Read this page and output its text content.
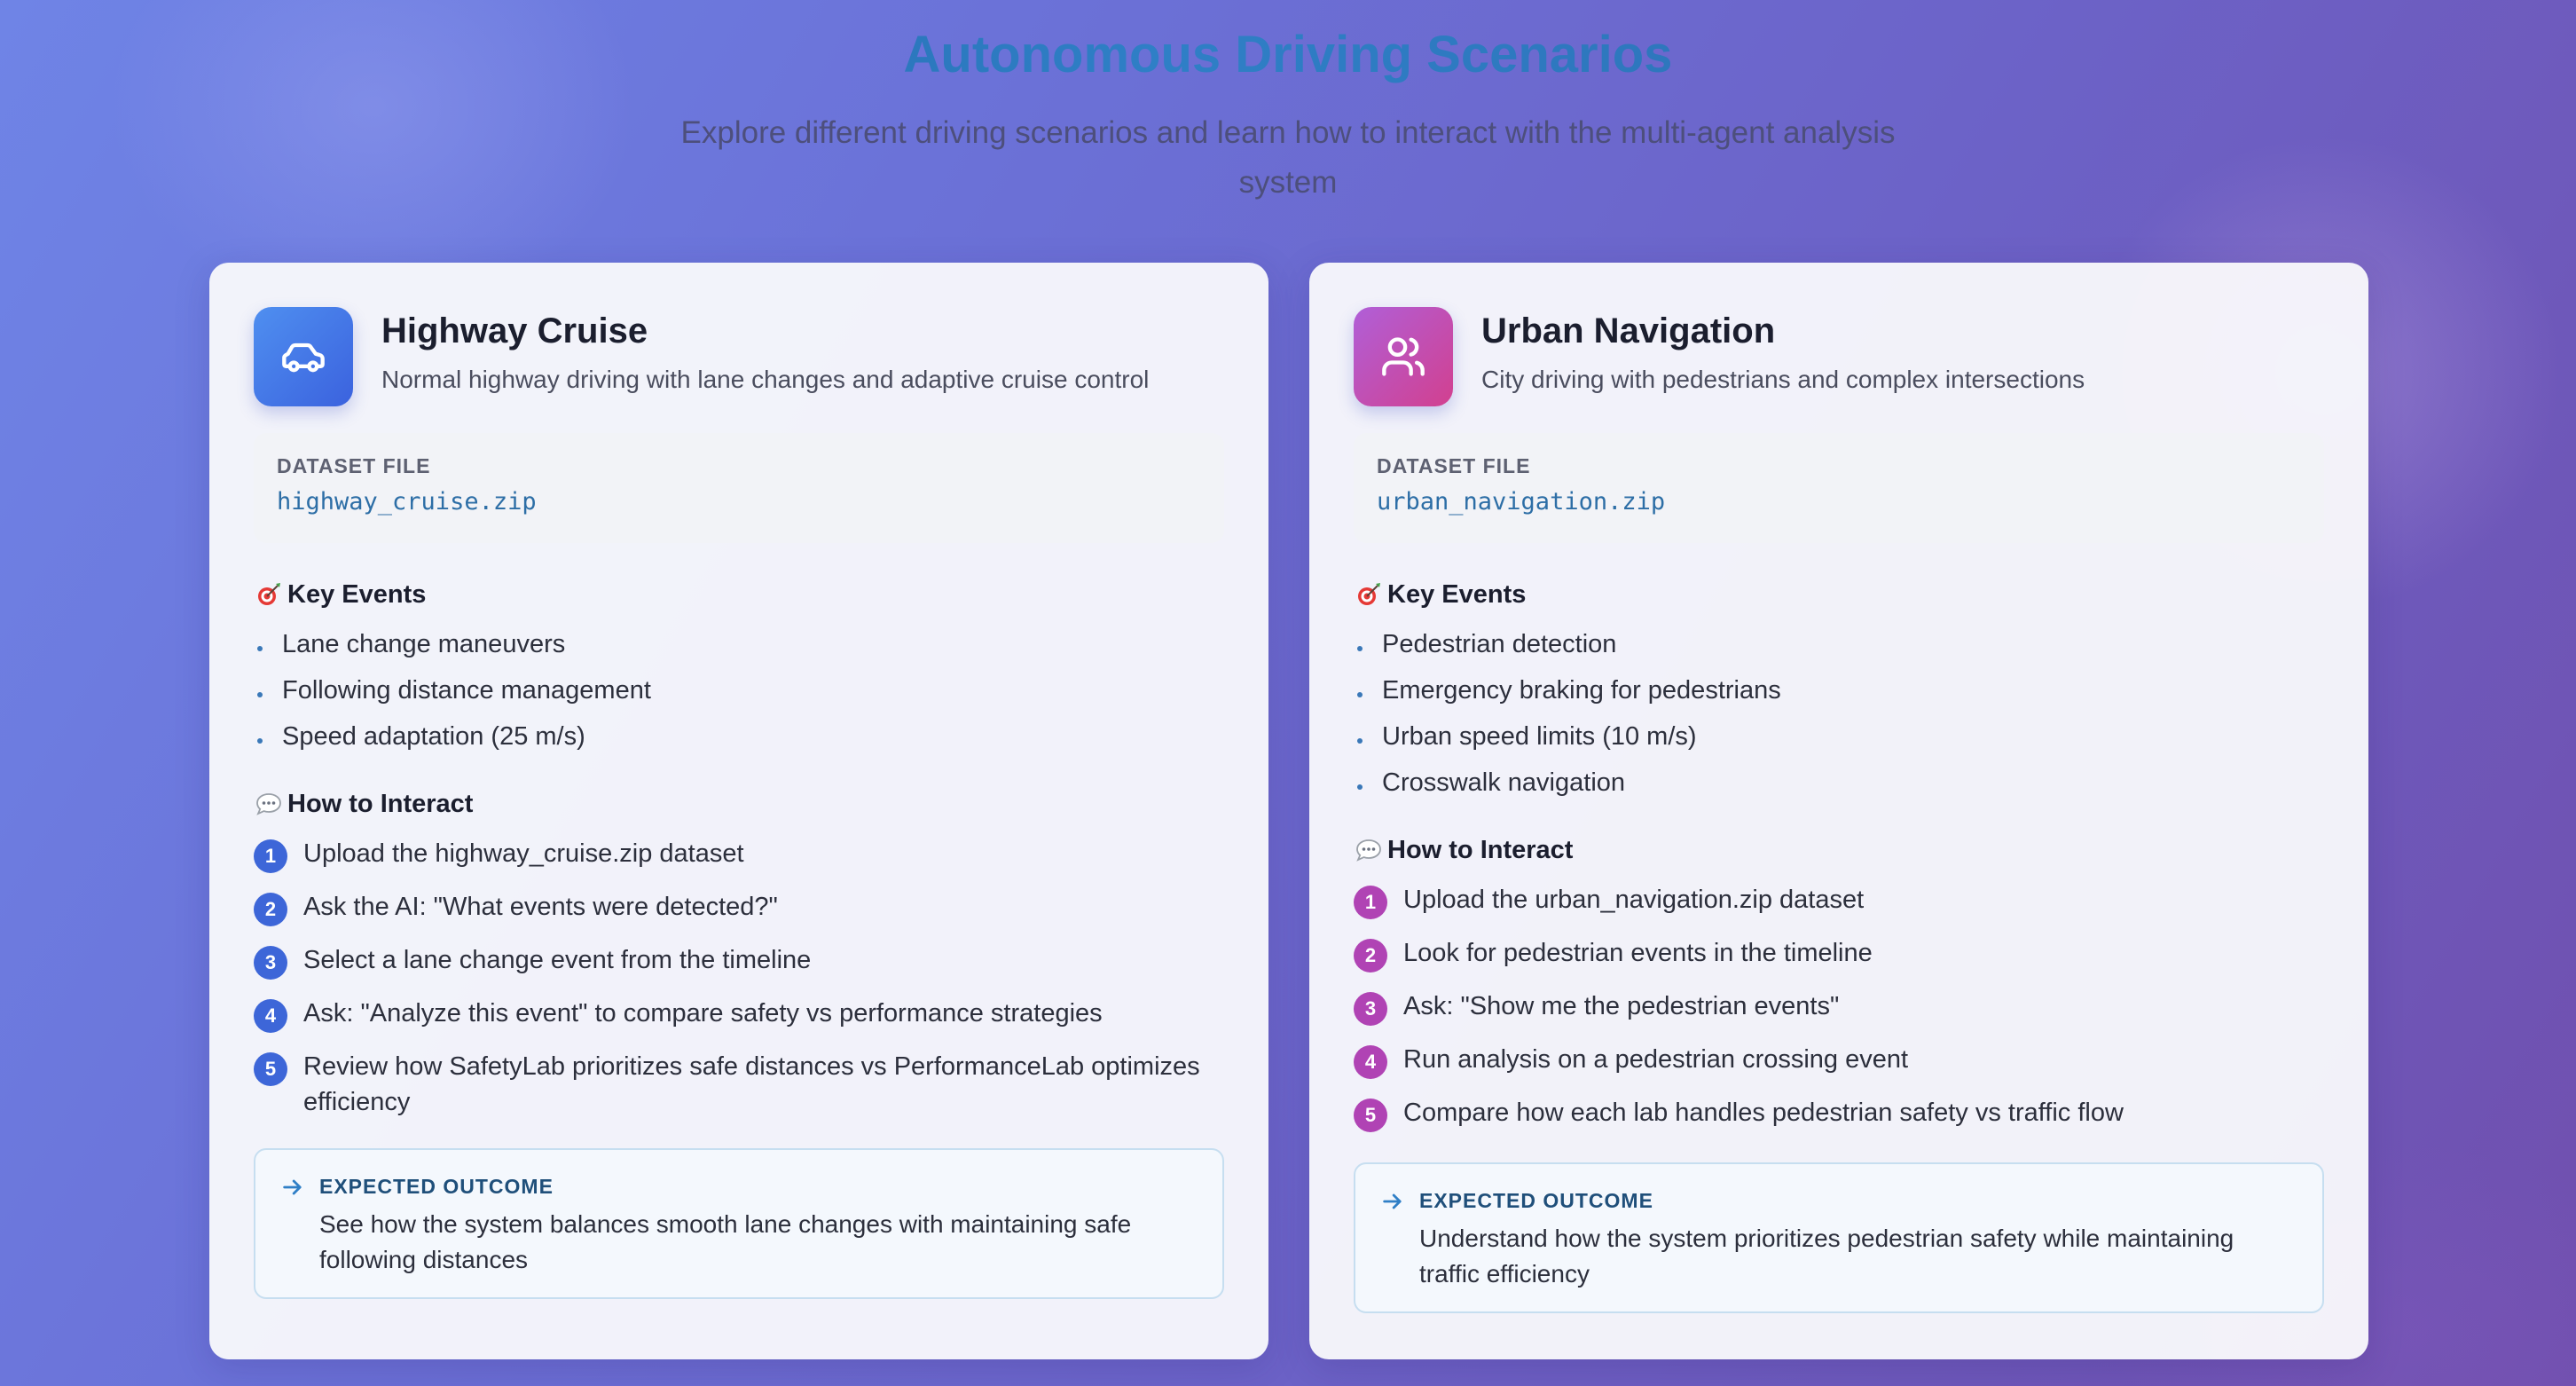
Autonomous Driving Scenarios

Explore different driving scenarios and learn how to interact with the multi-agent analysis system

Highway Cruise
Normal highway driving with lane changes and adaptive cruise control
DATASET FILE
highway_cruise.zip
Key Events
Lane change maneuvers
Following distance management
Speed adaptation (25 m/s)
How to Interact
1	Upload the highway_cruise.zip dataset
2	Ask the AI: "What events were detected?"
3	Select a lane change event from the timeline
4	Ask: "Analyze this event" to compare safety vs performance strategies
5	Review how SafetyLab prioritizes safe distances vs PerformanceLab optimizes efficiency
EXPECTED OUTCOME
See how the system balances smooth lane changes with maintaining safe following distances
Urban Navigation
City driving with pedestrians and complex intersections
DATASET FILE
urban_navigation.zip
Key Events
Pedestrian detection
Emergency braking for pedestrians
Urban speed limits (10 m/s)
Crosswalk navigation
How to Interact
1	Upload the urban_navigation.zip dataset
2	Look for pedestrian events in the timeline
3	Ask: "Show me the pedestrian events"
4	Run analysis on a pedestrian crossing event
5	Compare how each lab handles pedestrian safety vs traffic flow
EXPECTED OUTCOME
Understand how the system prioritizes pedestrian safety while maintaining traffic efficiency
